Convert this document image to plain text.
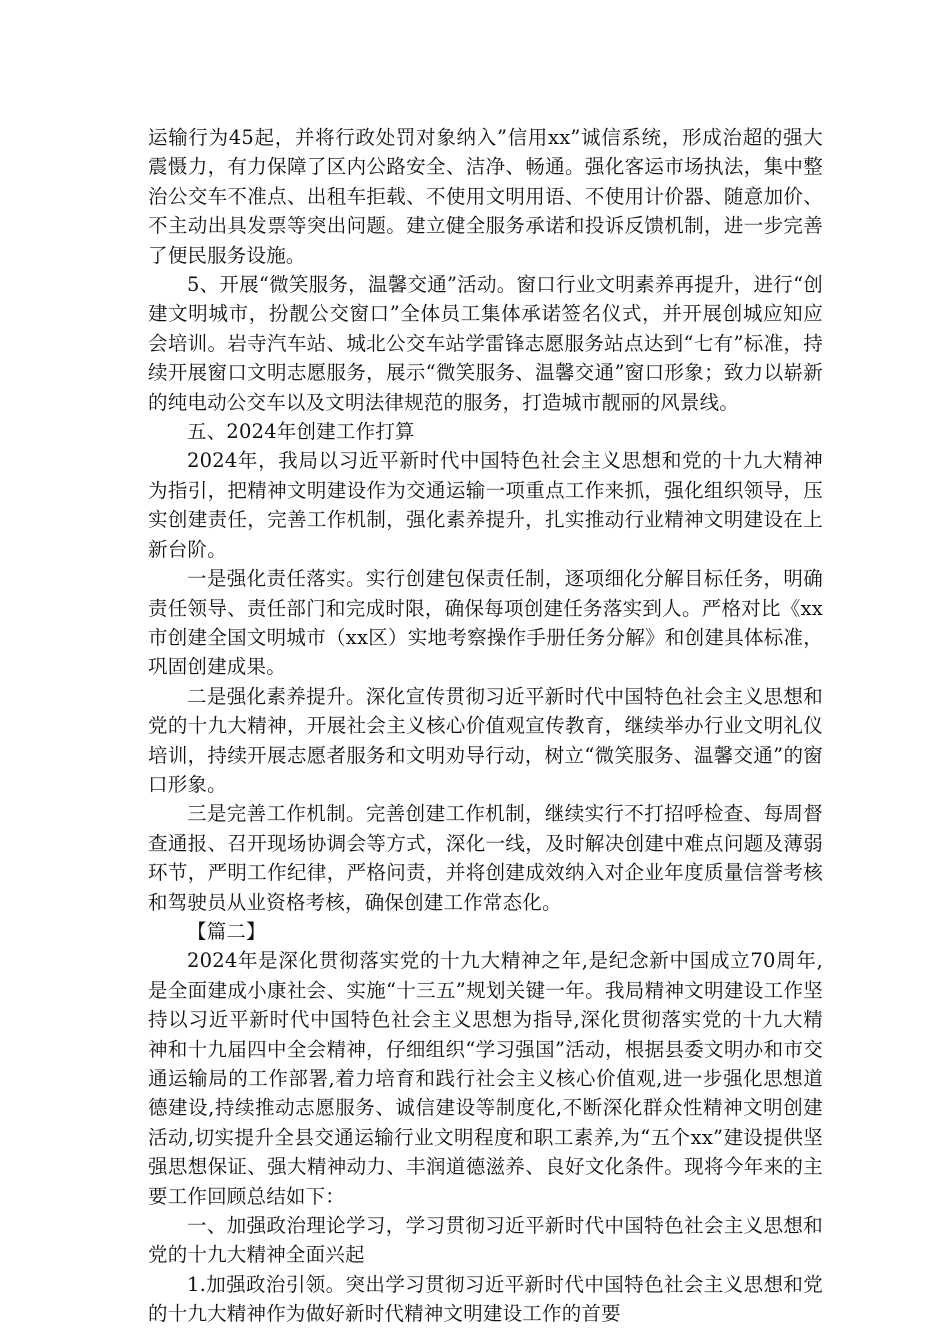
运输行为45起，并将行政处罚对象纳入”信用xx”诚信系统，形成治超的强大震慑力，有力保障了区内公路安全、洁净、畅通。强化客运市场执法，集中整治公交车不准点、出租车拒载、不使用文明用语、不使用计价器、随意加价、不主动出具发票等突出问题。建立健全服务承诺和投诉反馈机制，进一步完善了便民服务设施。

5、开展“微笑服务，温馨交通”活动。窗口行业文明素养再提升，进行“创建文明城市，扮靓公交窗口”全体员工集体承诺签名仪式，并开展创城应知应会培训。岩寺汽车站、城北公交车站学雷锋志愿服务站点达到“七有”标准，持续开展窗口文明志愿服务，展示“微笑服务、温馨交通”窗口形象；致力以崭新的纯电动公交车以及文明法律规范的服务，打造城市靓丽的风景线。

五、2024年创建工作打算

2024年，我局以习近平新时代中国特色社会主义思想和党的十九大精神为指引，把精神文明建设作为交通运输一项重点工作来抓，强化组织领导，压实创建责任，完善工作机制，强化素养提升，扎实推动行业精神文明建设在上新台阶。

一是强化责任落实。实行创建包保责任制，逐项细化分解目标任务，明确责任领导、责任部门和完成时限，确保每项创建任务落实到人。严格对比《xx市创建全国文明城市（xx区）实地考察操作手册任务分解》和创建具体标准，巩固创建成果。

二是强化素养提升。深化宣传贯彻习近平新时代中国特色社会主义思想和党的十九大精神，开展社会主义核心价值观宣传教育，继续举办行业文明礼仪培训，持续开展志愿者服务和文明劝导行动，树立“微笑服务、温馨交通”的窗口形象。

三是完善工作机制。完善创建工作机制，继续实行不打招呼检查、每周督查通报、召开现场协调会等方式，深化一线，及时解决创建中难点问题及薄弱环节，严明工作纪律，严格问责，并将创建成效纳入对企业年度质量信誉考核和驾驶员从业资格考核，确保创建工作常态化。

【篇二】

2024年是深化贯彻落实党的十九大精神之年,是纪念新中国成立70周年,是全面建成小康社会、实施“十三五”规划关键一年。我局精神文明建设工作坚持以习近平新时代中国特色社会主义思想为指导,深化贯彻落实党的十九大精神和十九届四中全会精神，仔细组织“学习强国”活动，根据县委文明办和市交通运输局的工作部署,着力培育和践行社会主义核心价值观,进一步强化思想道德建设,持续推动志愿服务、诚信建设等制度化,不断深化群众性精神文明创建活动,切实提升全县交通运输行业文明程度和职工素养,为“五个xx”建设提供坚强思想保证、强大精神动力、丰润道德滋养、良好文化条件。现将今年来的主要工作回顾总结如下：

一、加强政治理论学习，学习贯彻习近平新时代中国特色社会主义思想和党的十九大精神全面兴起

1.加强政治引领。突出学习贯彻习近平新时代中国特色社会主义思想和党的十九大精神作为做好新时代精神文明建设工作的首要
